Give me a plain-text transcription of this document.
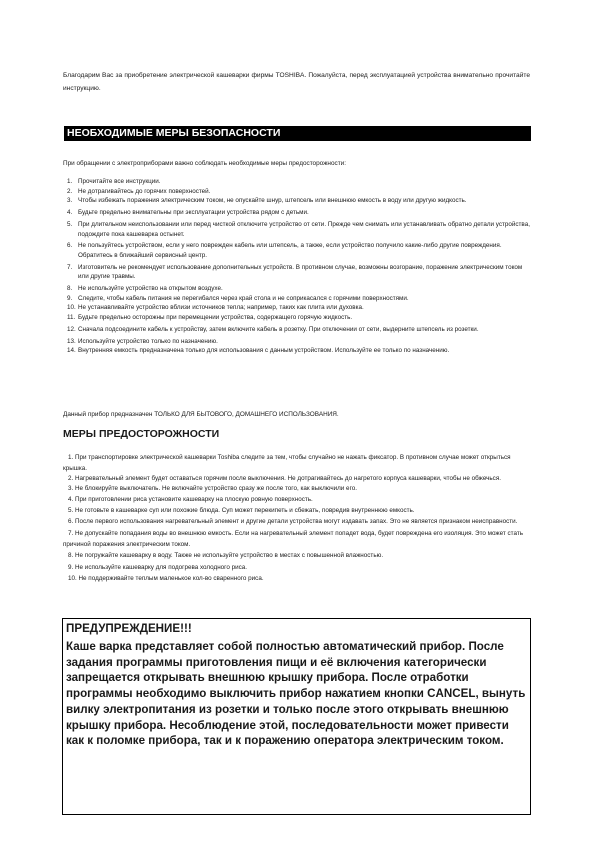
Благодарим Вас за приобретение электрической кашеварки фирмы TOSHIBA. Пожалуйста, перед эксплуатацией устройства внимательно прочитайте инструкцию.
НЕОБХОДИМЫЕ МЕРЫ БЕЗОПАСНОСТИ
При обращении с электроприборами важно соблюдать необходимые меры предосторожности:
1. Прочитайте все инструкции.
2. Не дотрагивайтесь до горячих поверхностей.
3. Чтобы избежать поражения электрическим током, не опускайте шнур, штепсель или внешнюю емкость в воду или другую жидкость.
4. Будьте предельно внимательны при эксплуатации устройства рядом с детьми.
5. При длительном неиспользовании или перед чисткой отключите устройство от сети. Прежде чем снимать или устанавливать обратно детали устройства, подождите пока кашеварка остынет.
6. Не пользуйтесь устройством, если у него поврежден кабель или штепсель, а также, если устройство получило какие-либо другие повреждения. Обратитесь в ближайший сервисный центр.
7. Изготовитель не рекомендует использование дополнительных устройств. В противном случае, возможны возгорание, поражение электрическим током или другие травмы.
8. Не используйте устройство на открытом воздухе.
9. Следите, чтобы кабель питания не перегибался через край стола и не соприкасался с горячими поверхностями.
10. Не устанавливайте устройство вблизи источников тепла; например, таких как плита или духовка.
11. Будьте предельно осторожны при перемещении устройства, содержащего горячую жидкость.
12. Сначала подсоедините кабель к устройству, затем включите кабель в розетку. При отключении от сети, выдерните штепсель из розетки.
13. Используйте устройство только по назначению.
14. Внутренняя емкость предназначена только для использования с данным устройством. Используйте ее только по назначению.
Данный прибор предназначен ТОЛЬКО ДЛЯ БЫТОВОГО, ДОМАШНЕГО ИСПОЛЬЗОВАНИЯ.
МЕРЫ ПРЕДОСТОРОЖНОСТИ
1. При транспортировке электрической кашеварки Toshiba следите за тем, чтобы случайно не нажать фиксатор. В противном случае может открыться крышка.
2. Нагревательный элемент будет оставаться горячим после выключения. Не дотрагивайтесь до нагретого корпуса кашеварки, чтобы не обжечься.
3. Не блокируйте выключатель. Не включайте устройство сразу же после того, как выключили его.
4. При приготовлении риса установите кашеварку на плоскую ровную поверхность.
5. Не готовьте в кашеварке суп или похожие блюда. Суп может перекипеть и сбежать, повредив внутреннюю емкость.
6. После первого использования нагревательный элемент и другие детали устройства могут издавать запах. Это не является признаком неисправности.
7. Не допускайте попадания воды во внешнюю емкость. Если на нагревательный элемент попадет вода, будет повреждена его изоляция. Это может стать причиной поражения электрическим током.
8. Не погружайте кашеварку в воду. Также не используйте устройство в местах с повышенной влажностью.
9. Не используйте кашеварку для подогрева холодного риса.
10. Не поддерживайте теплым маленькое кол-во сваренного риса.
ПРЕДУПРЕЖДЕНИЕ!!!

Каше варка представляет собой полностью автоматический прибор. После задания программы приготовления пищи и её включения категорически запрещается открывать внешнюю крышку прибора. После отработки программы необходимо выключить прибор нажатием кнопки CANCEL, вынуть вилку электропитания из розетки и только после этого открывать внешнюю крышку прибора. Несоблюдение этой, последовательности может привести как к поломке прибора, так и к поражению оператора электрическим током.
